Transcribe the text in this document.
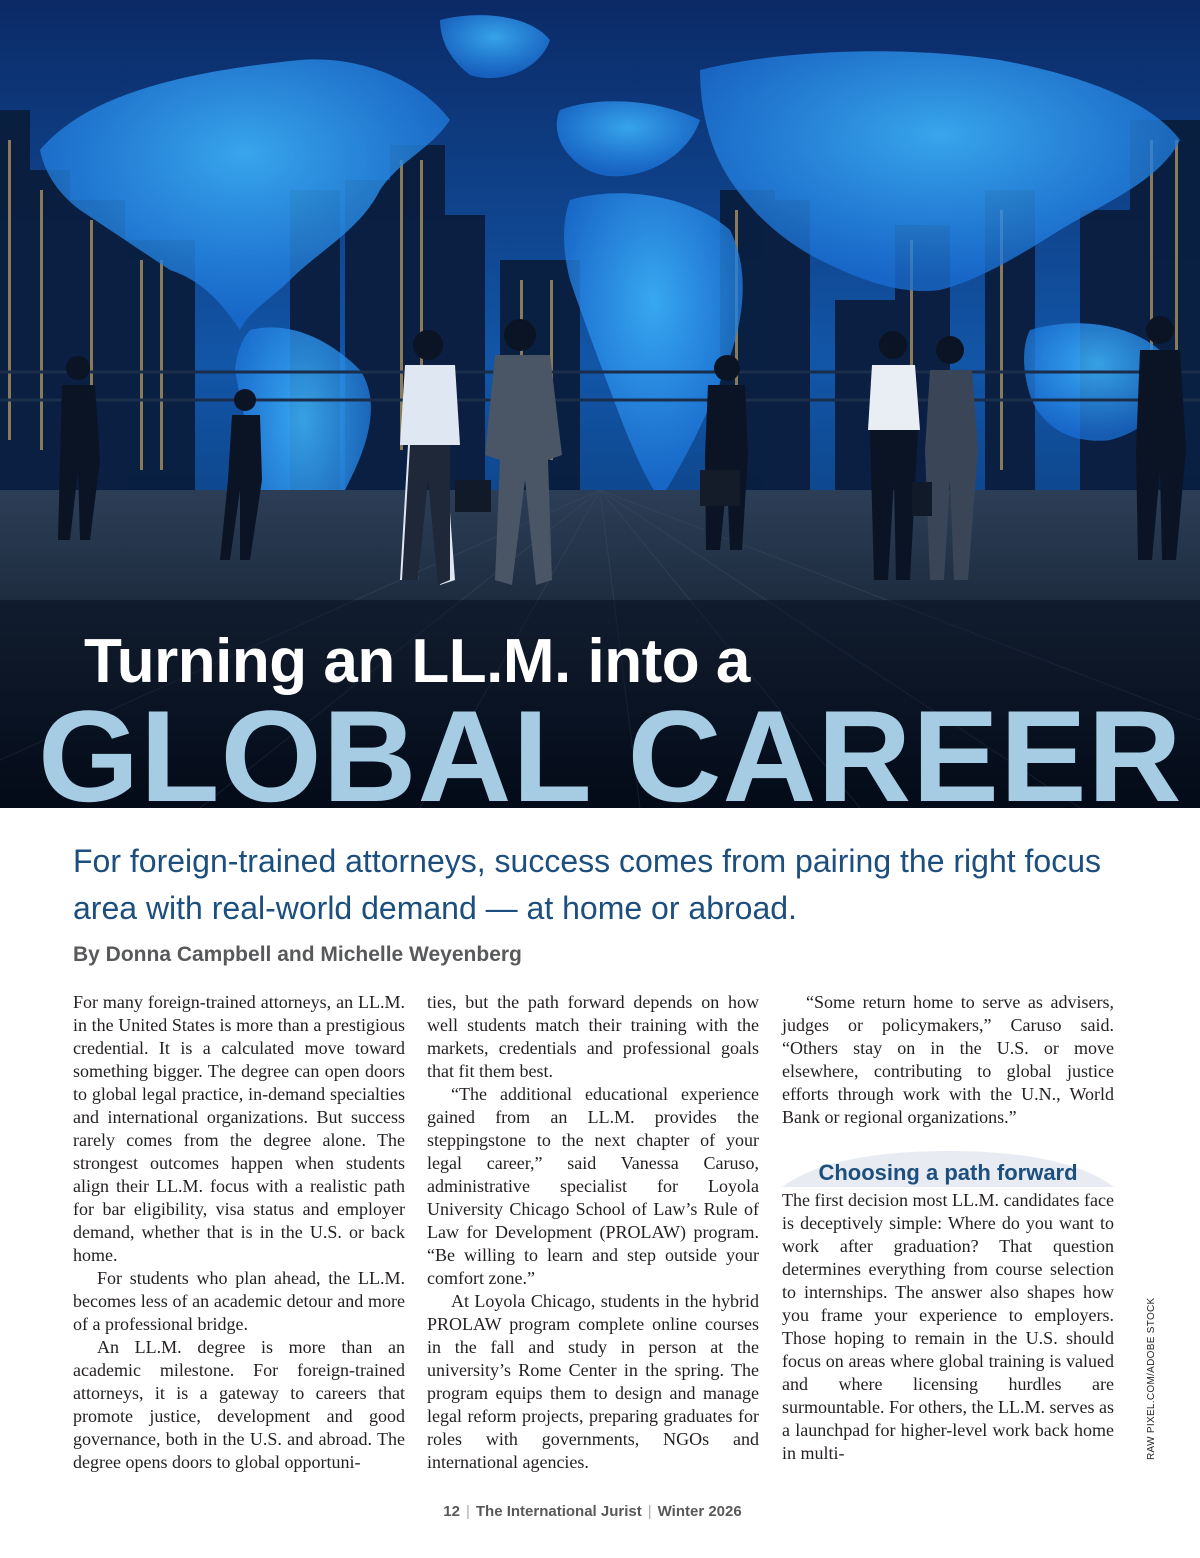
Turning an LL.M. into a
GLOBAL CAREER
For foreign-trained attorneys, success comes from pairing the right focus area with real-world demand — at home or abroad.

By Donna Campbell and Michelle Weyenberg

For many foreign-trained attorneys, an LL.M. in the United States is more than a prestigious credential. It is a calculated move toward something bigger. The degree can open doors to global legal practice, in-demand specialties and international organizations. But success rarely comes from the degree alone. The strongest outcomes happen when students align their LL.M. focus with a realistic path for bar eligibility, visa status and employer demand, whether that is in the U.S. or back home.

For students who plan ahead, the LL.M. becomes less of an academic detour and more of a professional bridge.

An LL.M. degree is more than an academic milestone. For foreign-trained attorneys, it is a gateway to careers that promote justice, development and good governance, both in the U.S. and abroad. The degree opens doors to global opportuni-

ties, but the path forward depends on how well students match their training with the markets, credentials and professional goals that fit them best.

“The additional educational experience gained from an LL.M. provides the steppingstone to the next chapter of your legal career,” said Vanessa Caruso, administrative specialist for Loyola University Chicago School of Law’s Rule of Law for Development (PROLAW) program. “Be willing to learn and step outside your comfort zone.”

At Loyola Chicago, students in the hybrid PROLAW program complete online courses in the fall and study in person at the university’s Rome Center in the spring. The program equips them to design and manage legal reform projects, preparing graduates for roles with governments, NGOs and international agencies.

“Some return home to serve as advisers, judges or policymakers,” Caruso said. “Others stay on in the U.S. or move elsewhere, contributing to global justice efforts through work with the U.N., World Bank or regional organizations.”

Choosing a path forward

The first decision most LL.M. candidates face is deceptively simple: Where do you want to work after graduation? That question determines everything from course selection to internships. The answer also shapes how you frame your experience to employers. Those hoping to remain in the U.S. should focus on areas where global training is valued and where licensing hurdles are surmountable. For others, the LL.M. serves as a launchpad for higher-level work back home in multi-	RAW PIXEL.COM/ADOBE STOCK
12 | The International Jurist | Winter 2026
